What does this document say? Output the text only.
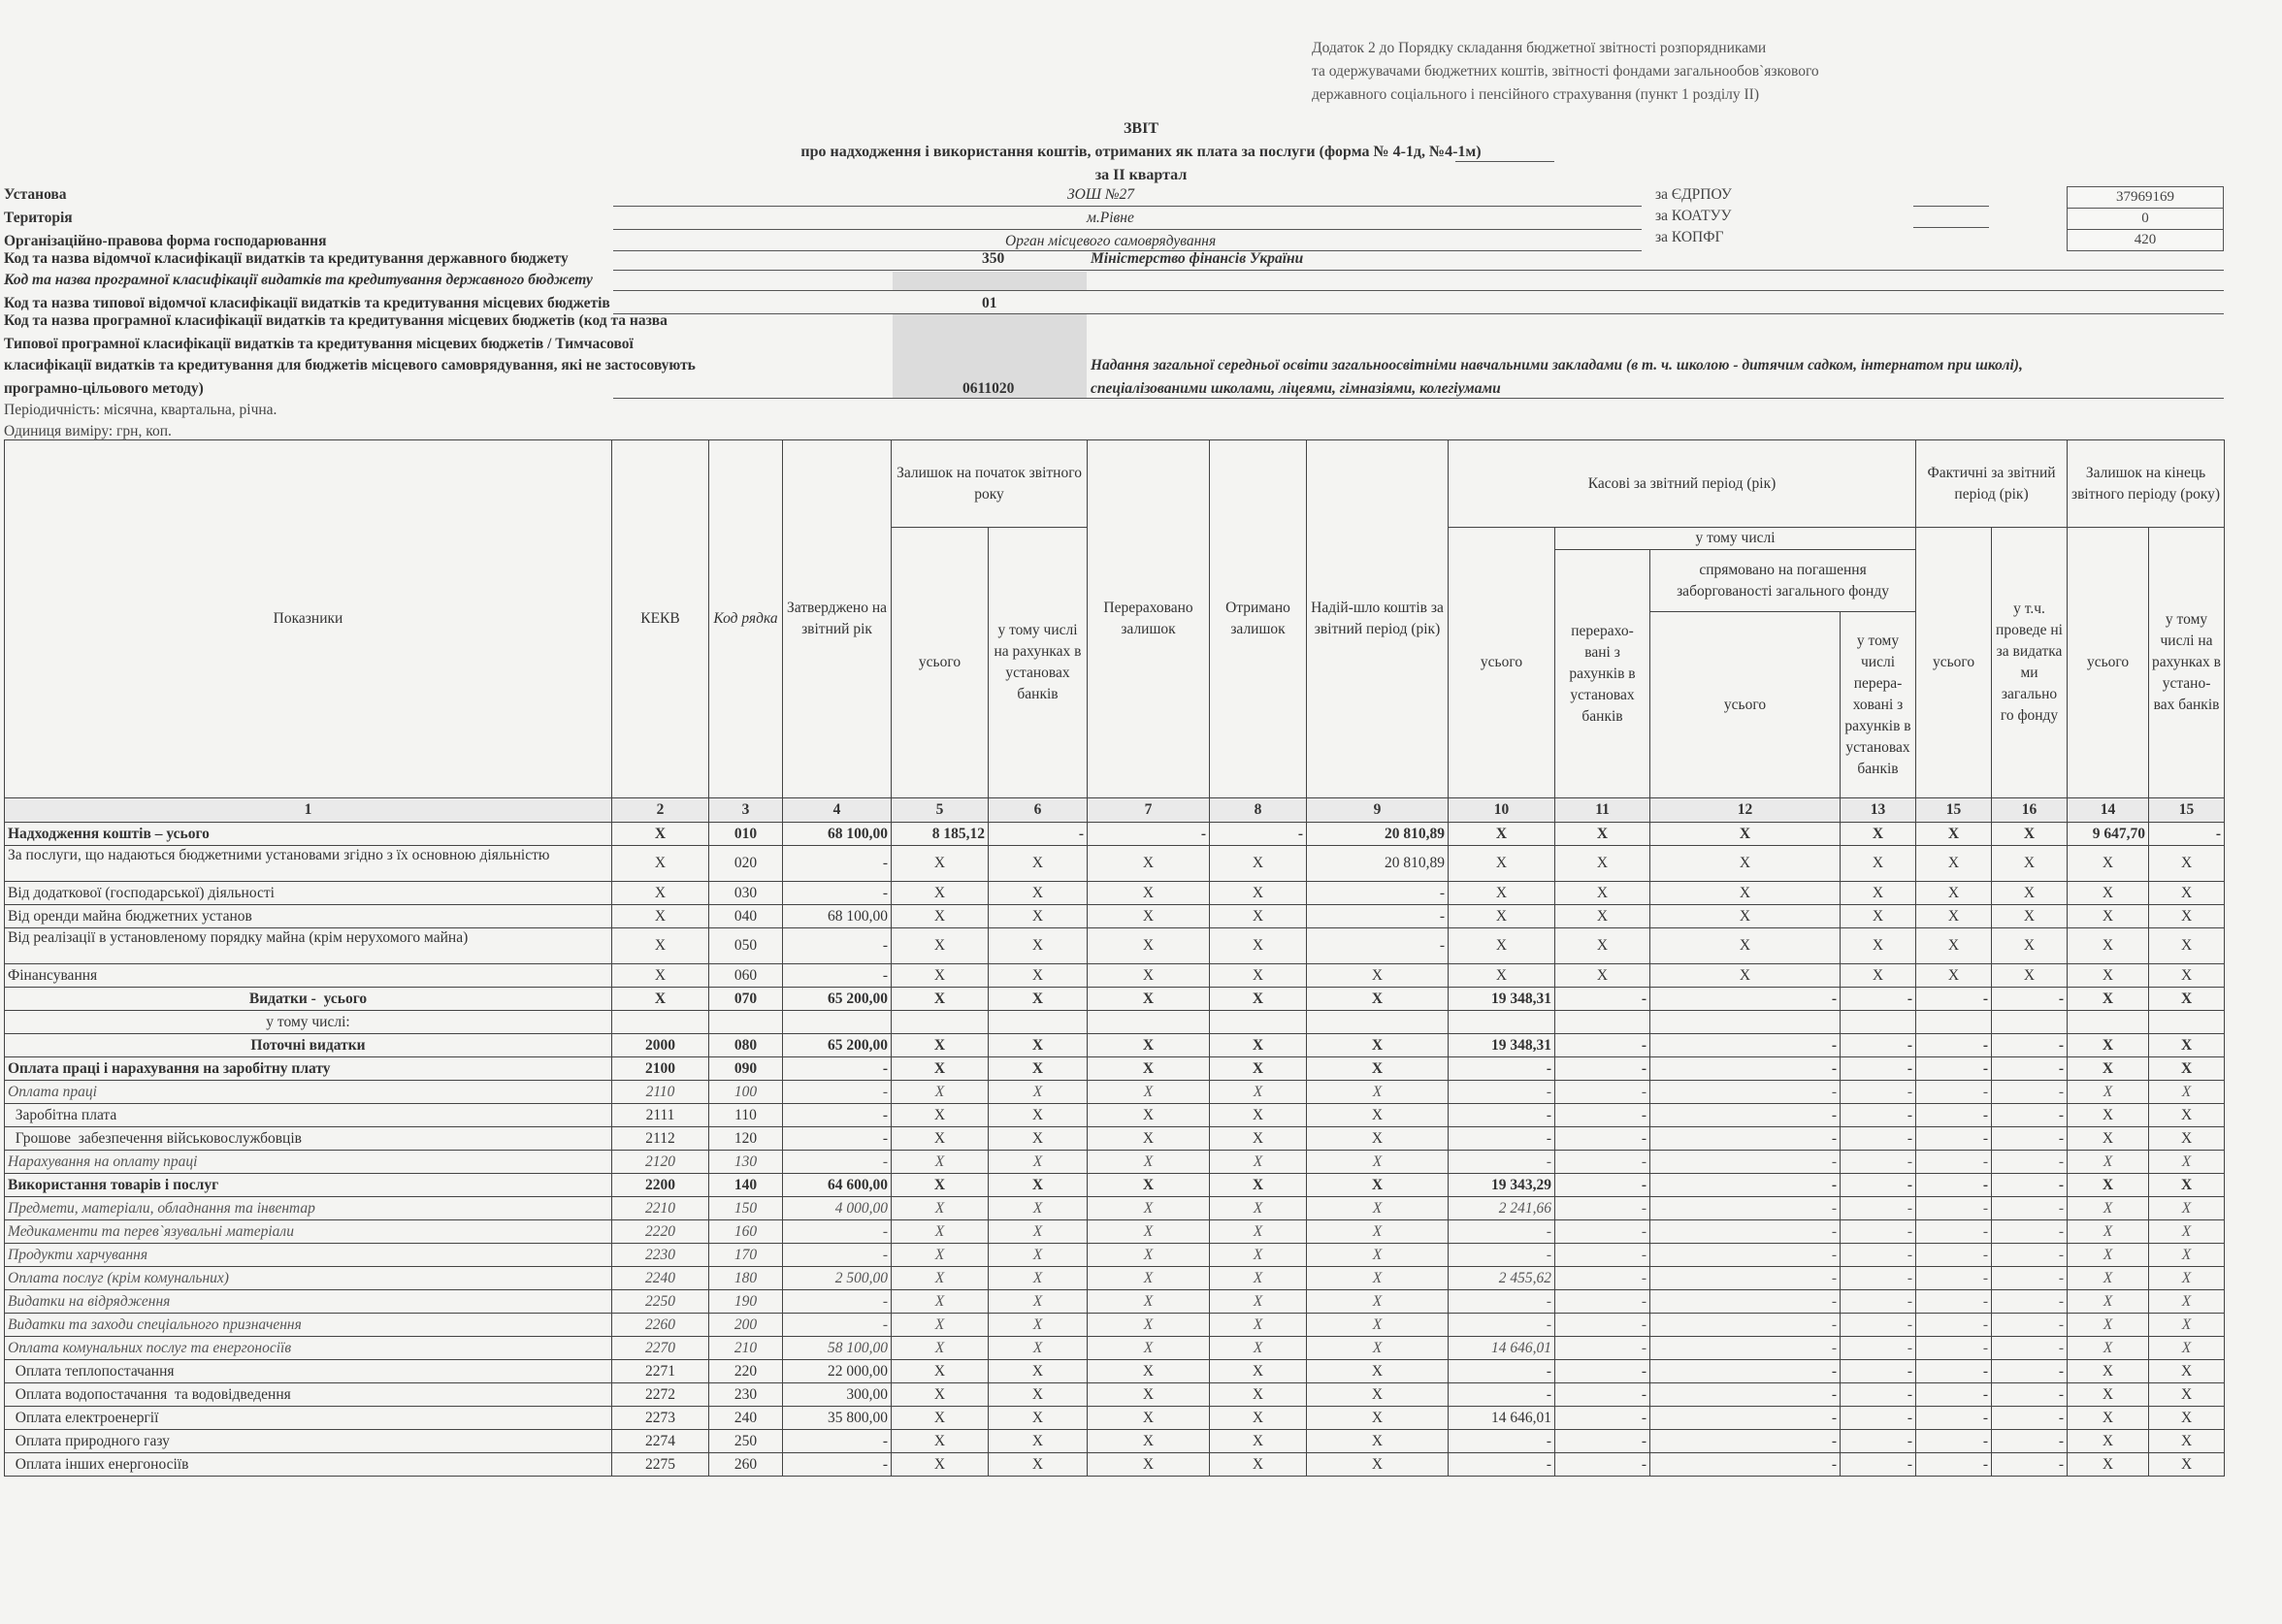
Додаток 2 до Порядку складання бюджетної звітності розпорядниками
та одержувачами бюджетних коштів, звітності фондами загальнообов`язкового
державного соціального і пенсійного страхування (пункт 1 розділу II)
ЗВІТ
про надходження і використання коштів, отриманих як плата за послуги (форма № 4-1д, №4-1м)
за II квартал
Установа	ЗОШ №27
Територія	м.Рівне
Організаційно-правова форма господарювання	Орган місцевого самоврядування
Код та назва відомчої класифікації видатків та кредитування державного бюджету	350	Міністерство фінансів України
Код та назва програмної класифікації видатків та кредитування державного бюджету
Код та назва типової відомчої класифікації видатків та кредитування місцевих бюджетів	01
Код та назва програмної класифікації видатків та кредитування місцевих бюджетів (код та назва
Типової програмної класифікації видатків та кредитування місцевих бюджетів / Тимчасової
класифікації видатків та кредитування для бюджетів місцевого самоврядування, які не застосовують
програмно-цільового методу)	0611020
Надання загальної середньої освіти загальноосвітніми навчальними закладами (в т. ч. школою - дитячим садком, інтернатом при школі),
спеціалізованими школами, ліцеями, гімназіями, колегіумами
Періодичність: місячна, квартальна, річна.
Одиниця виміру: грн, коп.
за ЄДРПОУ	37969169
за КОАТУУ	0
за КОПФГ	420
Показники	КЕКВ	Код рядка	Затверджено на звітний рік	Залишок на початок звітного року		Перераховано залишок	Отримано залишок	Надій-шло коштів за звітний період (рік)	Касові за звітний період (рік)				Фактичні за звітний період (рік)		Залишок на кінець звітного періоду (року)	
				усього	у тому числі на рахунках в установах банків				усього	у тому числі			усього	у т.ч. проведе ні за видатка ми загально го фонду	усього	у тому числі на рахунках в устано-вах банків
										перерахо-вані з рахунків в установах банків	спрямовано на погашення заборгованості загального фонду					
											усього	у тому числі перера-ховані з рахунків в установах банків				
1	2	3	4	5	6	7	8	9	10	11	12	13	15	16	14	15
Надходження коштів – усього	Х	010	68 100,00	8 185,12	-	-	-	20 810,89	Х	Х	Х	Х	Х	Х	9 647,70	-
За послуги, що надаються бюджетними установами згідно з їх основною діяльністю	Х	020	-	Х	Х	Х	Х	20 810,89	Х	Х	Х	Х	Х	Х	Х	Х
Від додаткової (господарської) діяльності	Х	030	-	Х	Х	Х	Х	-	Х	Х	Х	Х	Х	Х	Х	Х
Від оренди майна бюджетних установ	Х	040	68 100,00	Х	Х	Х	Х	-	Х	Х	Х	Х	Х	Х	Х	Х
Від реалізації в установленому порядку майна (крім нерухомого майна)	Х	050	-	Х	Х	Х	Х	-	Х	Х	Х	Х	Х	Х	Х	Х
Фінансування	Х	060	-	Х	Х	Х	Х	Х	Х	Х	Х	Х	Х	Х	Х	Х
Видатки -  усього	Х	070	65 200,00	Х	Х	Х	Х	Х	19 348,31	-	-	-	-	-	Х	Х
у тому числі:																
Поточні видатки	2000	080	65 200,00	Х	Х	Х	Х	Х	19 348,31	-	-	-	-	-	Х	Х
Оплата праці і нарахування на заробітну плату	2100	090	-	Х	Х	Х	Х	Х	-	-	-	-	-	-	Х	Х
Оплата праці	2110	100	-	Х	Х	Х	Х	Х	-	-	-	-	-	-	Х	Х
Заробітна плата	2111	110	-	Х	Х	Х	Х	Х	-	-	-	-	-	-	Х	Х
Грошове  забезпечення військовослужбовців	2112	120	-	Х	Х	Х	Х	Х	-	-	-	-	-	-	Х	Х
Нарахування на оплату праці	2120	130	-	Х	Х	Х	Х	Х	-	-	-	-	-	-	Х	Х
Використання товарів і послуг	2200	140	64 600,00	Х	Х	Х	Х	Х	19 343,29	-	-	-	-	-	Х	Х
Предмети, матеріали, обладнання та інвентар	2210	150	4 000,00	Х	Х	Х	Х	Х	2 241,66	-	-	-	-	-	Х	Х
Медикаменти та перев`язувальні матеріали	2220	160	-	Х	Х	Х	Х	Х	-	-	-	-	-	-	Х	Х
Продукти харчування	2230	170	-	Х	Х	Х	Х	Х	-	-	-	-	-	-	Х	Х
Оплата послуг (крім комунальних)	2240	180	2 500,00	Х	Х	Х	Х	Х	2 455,62	-	-	-	-	-	Х	Х
Видатки на відрядження	2250	190	-	Х	Х	Х	Х	Х	-	-	-	-	-	-	Х	Х
Видатки та заходи спеціального призначення	2260	200	-	Х	Х	Х	Х	Х	-	-	-	-	-	-	Х	Х
Оплата комунальних послуг та енергоносіїв	2270	210	58 100,00	Х	Х	Х	Х	Х	14 646,01	-	-	-	-	-	Х	Х
Оплата теплопостачання	2271	220	22 000,00	Х	Х	Х	Х	Х	-	-	-	-	-	-	Х	Х
Оплата водопостачання  та водовідведення	2272	230	300,00	Х	Х	Х	Х	Х	-	-	-	-	-	-	Х	Х
Оплата електроенергії	2273	240	35 800,00	Х	Х	Х	Х	Х	14 646,01	-	-	-	-	-	Х	Х
Оплата природного газу	2274	250	-	Х	Х	Х	Х	Х	-	-	-	-	-	-	Х	Х
Оплата інших енергоносіїв	2275	260	-	Х	Х	Х	Х	Х	-	-	-	-	-	-	Х	Х
